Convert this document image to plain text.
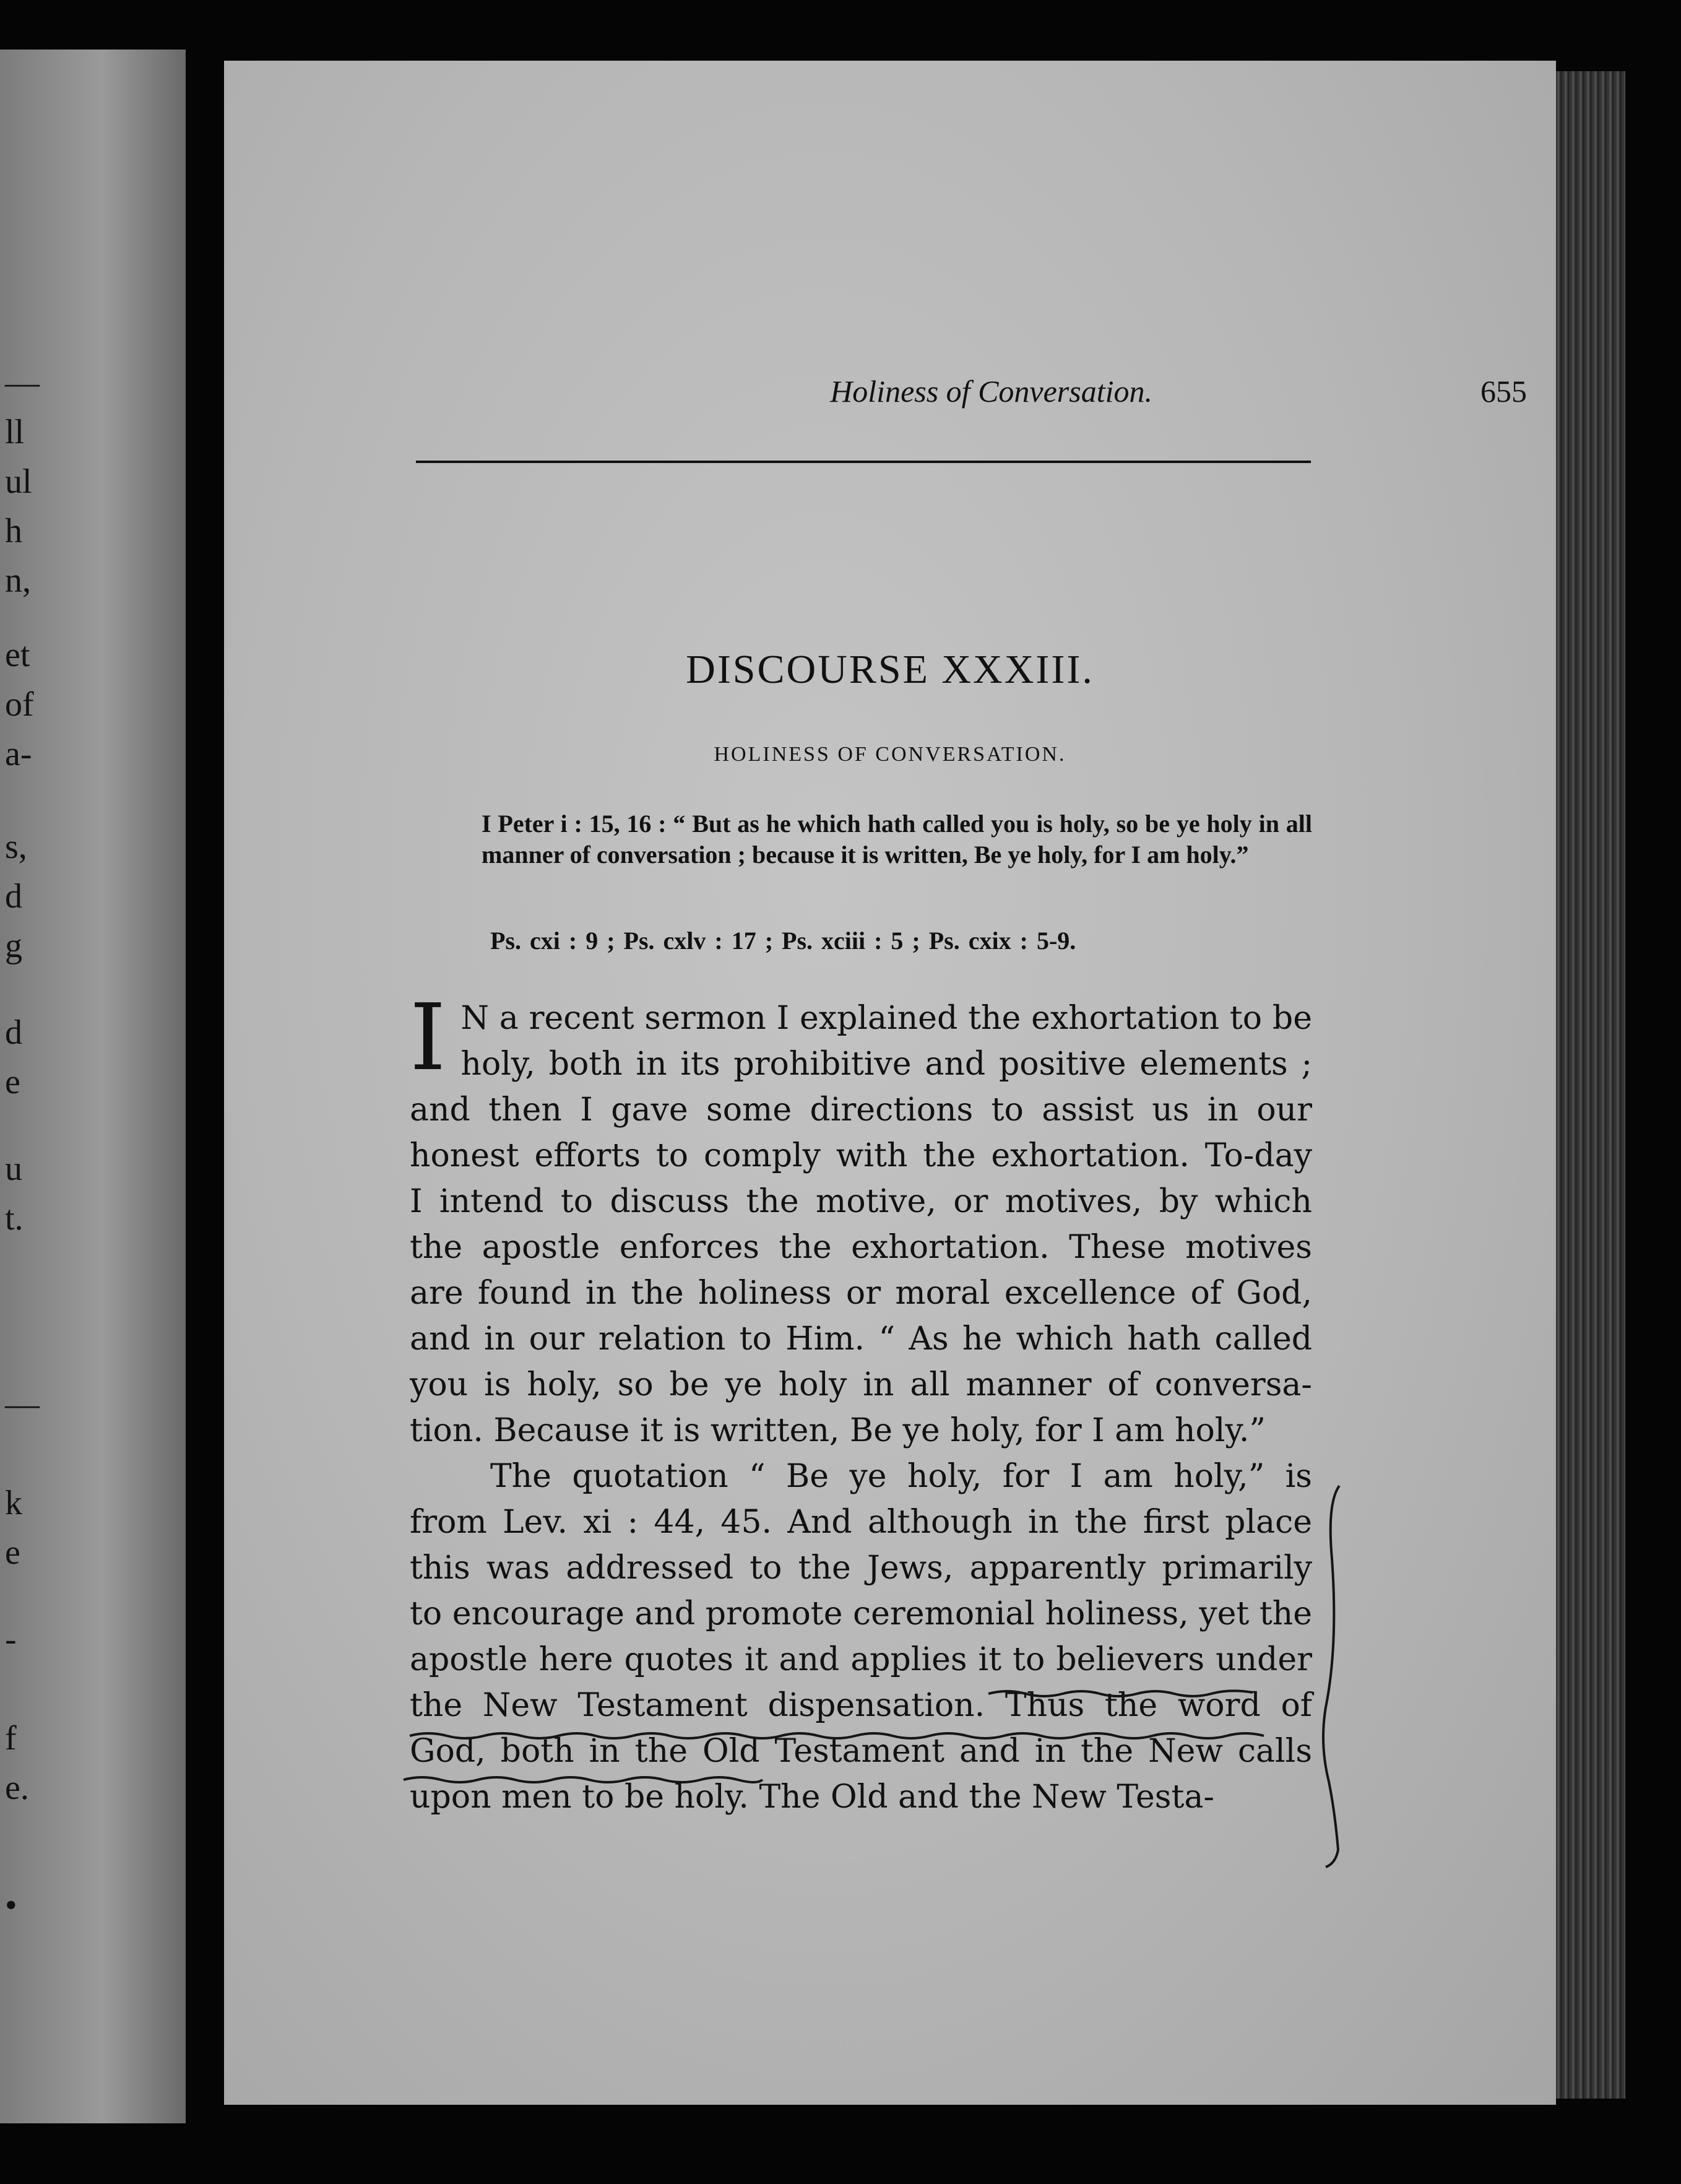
—
ll
ul
h
n,
et
of
a-
s,
d
g
d
e
u
t.
—
k
e
-
f
e.
•
Holiness of Conversation.	655
DISCOURSE XXXIII.
HOLINESS OF CONVERSATION.
I Peter i : 15, 16 : “ But as he which hath called you is holy, so be ye holy in all manner of conversation ; because it is written, Be ye holy, for I am holy.”
Ps. cxi : 9 ; Ps. cxlv : 17 ; Ps. xciii : 5 ; Ps. cxix : 5-9.
I N a recent sermon I explained the exhortation to be
holy, both in its prohibitive and positive elements ;
and then I gave some directions to assist us in our
honest efforts to comply with the exhortation. To-day
I intend to discuss the motive, or motives, by which
the apostle enforces the exhortation. These motives
are found in the holiness or moral excellence of God,
and in our relation to Him. “ As he which hath called
you is holy, so be ye holy in all manner of conversa-
tion. Because it is written, Be ye holy, for I am holy.”
The quotation “ Be ye holy, for I am holy,” is
from Lev. xi : 44, 45. And although in the first place
this was addressed to the Jews, apparently primarily
to encourage and promote ceremonial holiness, yet the
apostle here quotes it and applies it to believers under
the New Testament dispensation. Thus the word of
God, both in the Old Testament and in the New calls
upon men to be holy. The Old and the New Testa-
